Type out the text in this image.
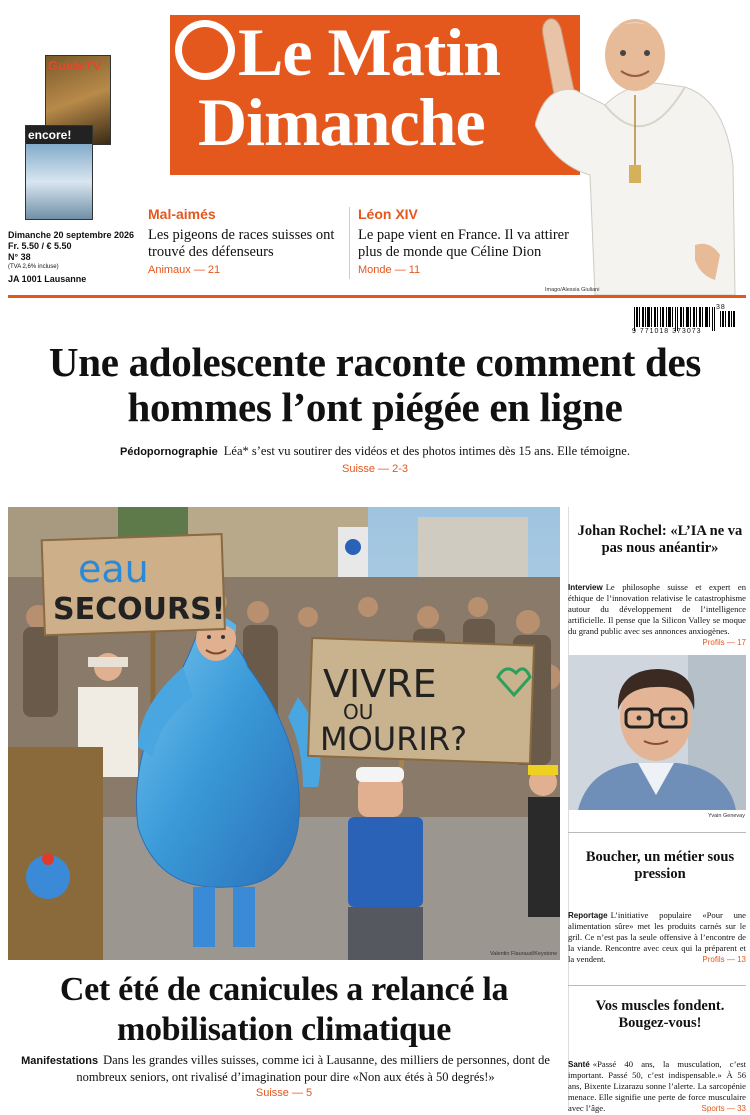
Le Matin
Dimanche
GuideTV
encore!
Dimanche 20 septembre 2026
Fr. 5.50 / € 5.50
N° 38
(TVA 2,6% incluse)
JA 1001 Lausanne
Mal-aimés
Les pigeons de races suisses ont trouvé des défenseurs
Animaux — 21
Léon XIV
Le pape vient en France. Il va attirer plus de monde que Céline Dion
Monde — 11
Imago/Alessia Giuliani
9 771018 373073
38
Une adolescente raconte comment des hommes l’ont piégée en ligne
Pédopornographie Léa* s’est vu soutirer des vidéos et des photos intimes dès 15 ans. Elle témoigne.
Suisse — 2-3
eau
SECOURS!
VIVRE
OU
MOURIR?
Valentin Flauraud/Keystone
Cet été de canicules a relancé la mobilisation climatique
Manifestations Dans les grandes villes suisses, comme ici à Lausanne, des milliers de personnes, dont de nombreux seniors, ont rivalisé d’imagination pour dire «Non aux étés à 50 degrés!»
Suisse — 5
Johan Rochel: «L’IA ne va pas nous anéantir»
Interview Le philosophe suisse et expert en éthique de l’innovation relativise le catastrophisme autour du développement de l’intelligence artificielle. Il pense que la Silicon Valley se moque du grand public avec ses annonces anxiogènes.
Profils — 17
Yvain Genevay
Boucher, un métier sous pression
Reportage L’initiative populaire «Pour une alimentation sûre» met les produits carnés sur le gril. Ce n’est pas la seule offensive à l’encontre de la viande. Rencontre avec ceux qui la préparent et la vendent.	Profils — 13
Vos muscles fondent. Bougez-vous!
Santé «Passé 40 ans, la musculation, c’est important. Passé 50, c’est indispensable.» À 56 ans, Bixente Lizarazu sonne l’alerte. La sarcopénie menace. Elle signifie une perte de force musculaire avec l’âge.	Sports — 33
